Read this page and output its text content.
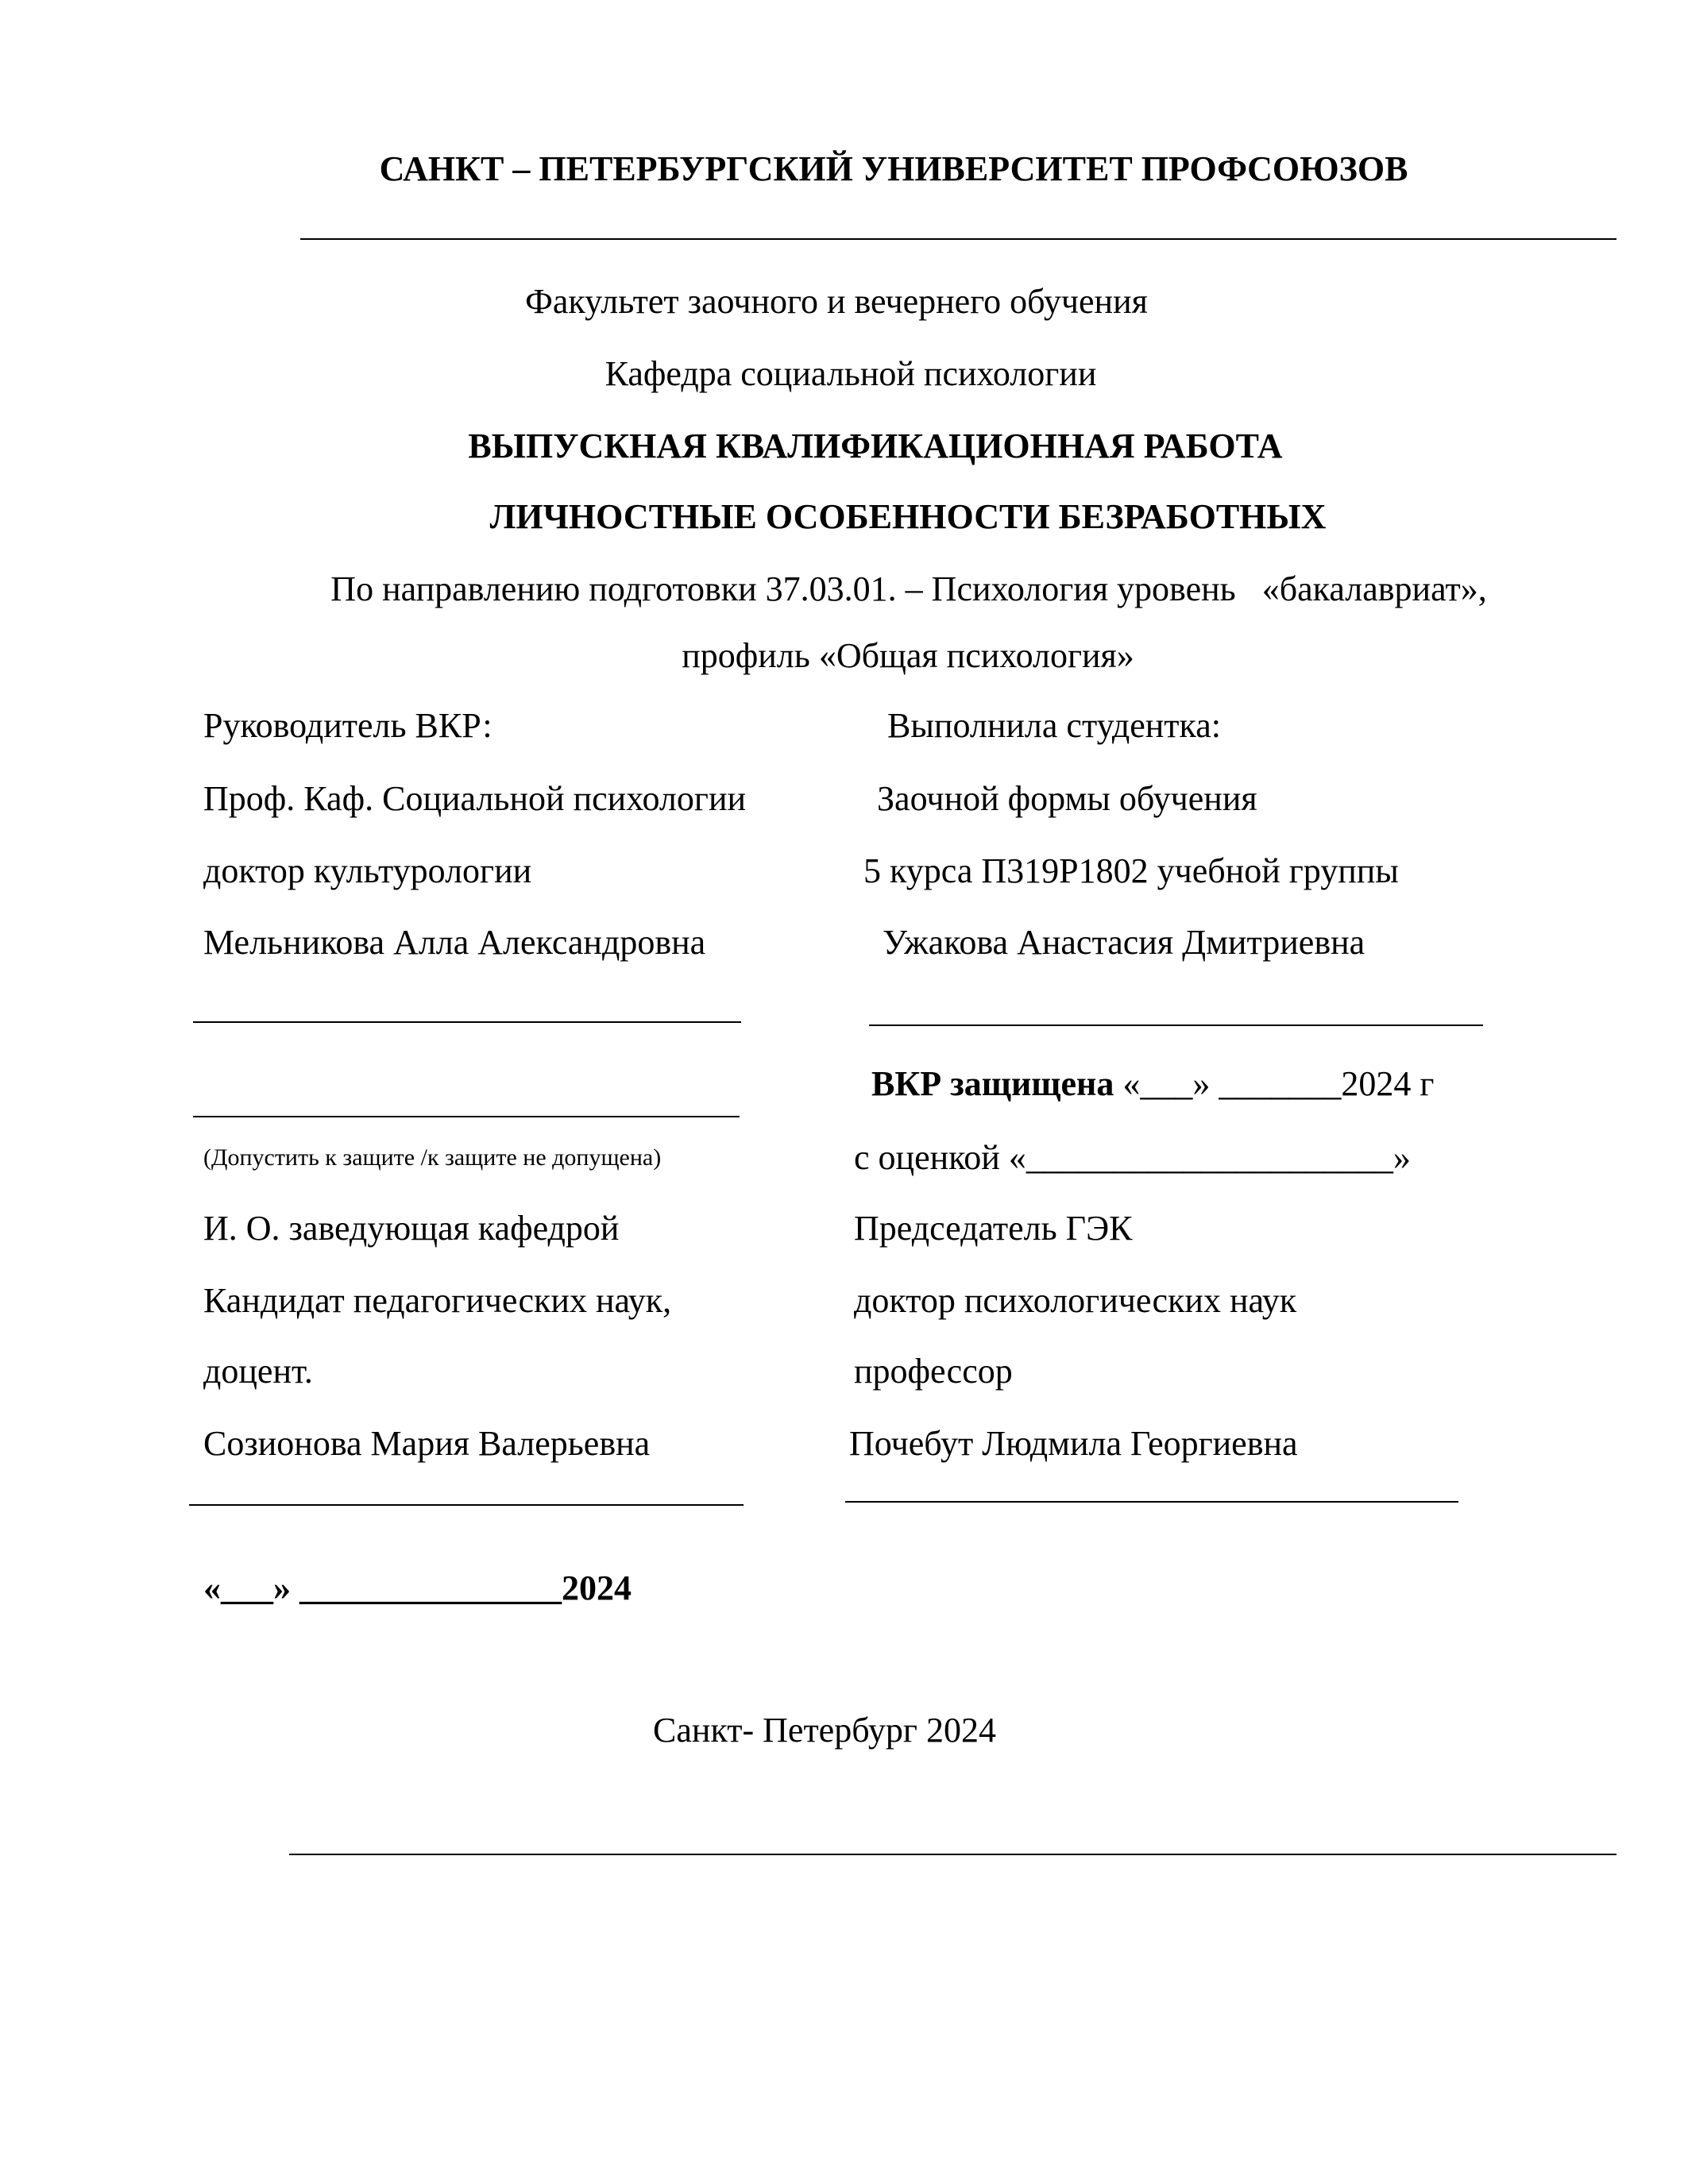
САНКТ – ПЕТЕРБУРГСКИЙ УНИВЕРСИТЕТ ПРОФСОЮЗОВ
Факультет заочного и вечернего обучения
Кафедра социальной психологии
ВЫПУСКНАЯ КВАЛИФИКАЦИОННАЯ РАБОТА
ЛИЧНОСТНЫЕ ОСОБЕННОСТИ БЕЗРАБОТНЫХ
По направлению подготовки 37.03.01. – Психология уровень   «бакалавриат»,
профиль «Общая психология»
Руководитель ВКР:
Проф. Каф. Социальной психологии
доктор культурологии
Мельникова Алла Александровна
Выполнила студентка:
Заочной формы обучения
5 курса П319Р1802 учебной группы
Ужакова Анастасия Дмитриевна
ВКР защищена «___» _______2024 г
(Допустить к защите /к защите не допущена)	с оценкой «_____________________»
И. О. заведующая кафедрой
Кандидат педагогических наук,
доцент.
Созионова Мария Валерьевна
Председатель ГЭК
доктор психологических наук
профессор
Почебут Людмила Георгиевна
«___» _______________2024
Санкт- Петербург 2024
